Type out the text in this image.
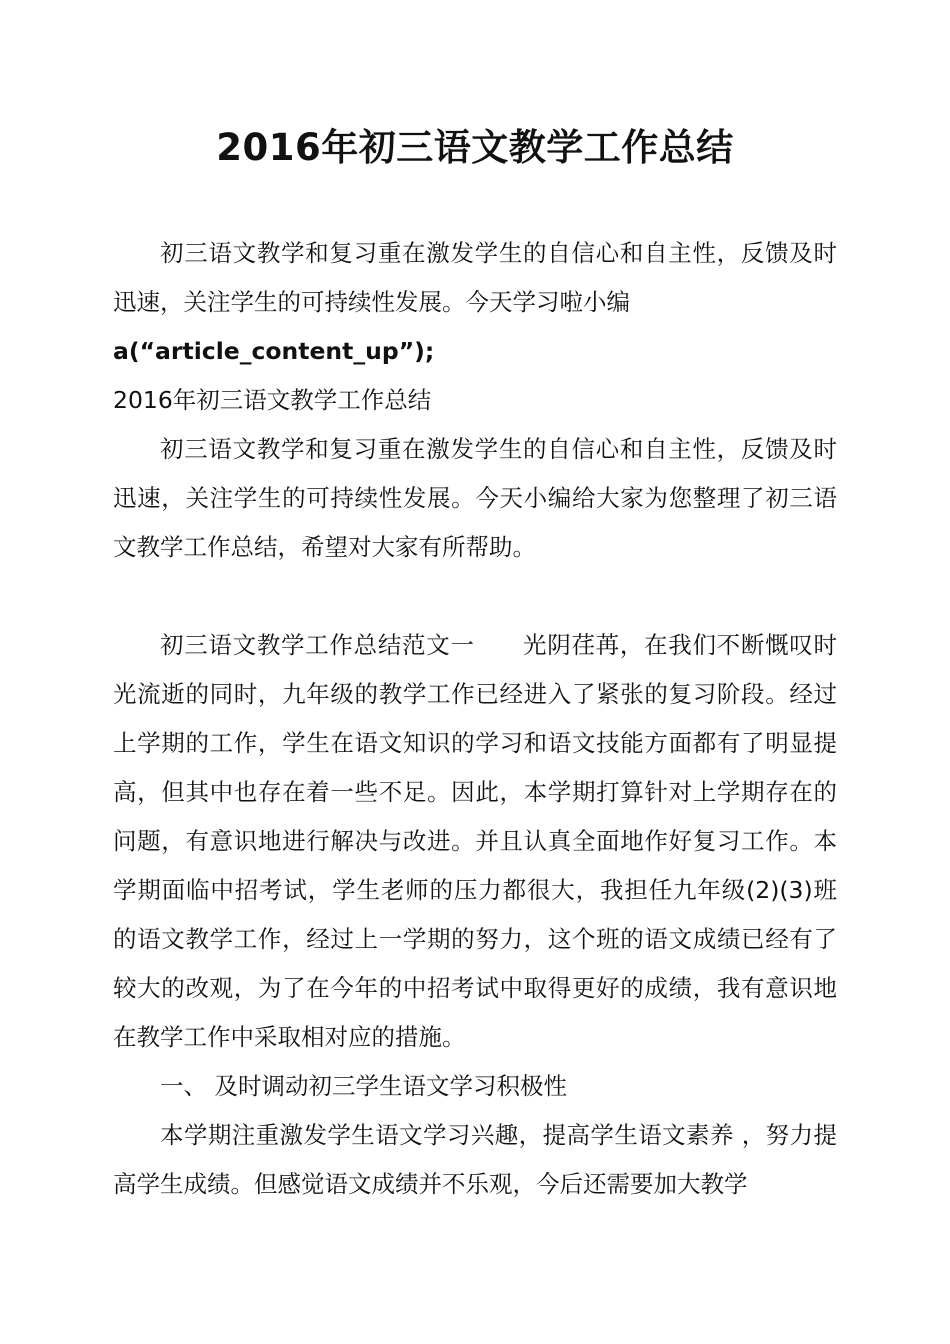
2016年初三语文教学工作总结

初三语文教学和复习重在激发学生的自信心和自主性，反馈及时迅速，关注学生的可持续性发展。今天学习啦小编

a(“article_content_up”);

2016年初三语文教学工作总结

初三语文教学和复习重在激发学生的自信心和自主性，反馈及时迅速，关注学生的可持续性发展。今天小编给大家为您整理了初三语文教学工作总结，希望对大家有所帮助。

初三语文教学工作总结范文一　　光阴荏苒，在我们不断慨叹时光流逝的同时，九年级的教学工作已经进入了紧张的复习阶段。经过上学期的工作，学生在语文知识的学习和语文技能方面都有了明显提高，但其中也存在着一些不足。因此，本学期打算针对上学期存在的问题，有意识地进行解决与改进。并且认真全面地作好复习工作。本学期面临中招考试，学生老师的压力都很大，我担任九年级(2)(3)班的语文教学工作，经过上一学期的努力，这个班的语文成绩已经有了较大的改观，为了在今年的中招考试中取得更好的成绩，我有意识地在教学工作中采取相对应的措施。

一、 及时调动初三学生语文学习积极性

本学期注重激发学生语文学习兴趣，提高学生语文素养 ，努力提高学生成绩。但感觉语文成绩并不乐观，今后还需要加大教学
